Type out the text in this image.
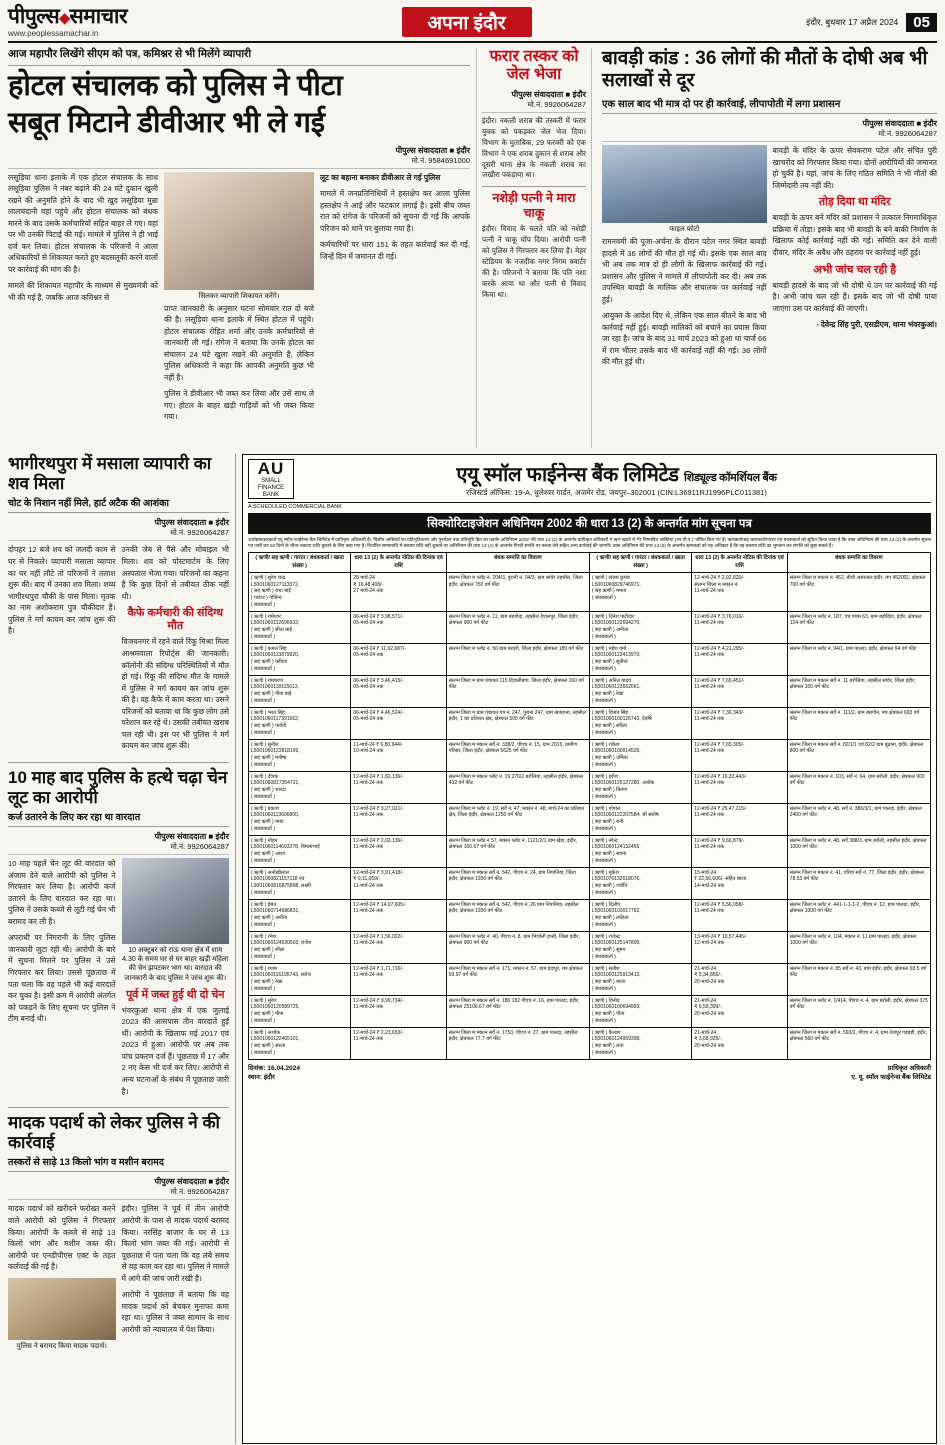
पीपुल्स◆समाचार
www.peoplessamachar.in	अपना इंदौर	इंदौर, बुधवार 17 अप्रैल 2024	05
आज महापौर लिखेंगे सीएम को पत्र, कमिश्नर से भी मिलेंगे व्यापारी
होटल संचालक को पुलिस ने पीटा
सबूत मिटाने डीवीआर भी ले गई
पीपुल्स संवाददाता ■ इंदौर
मो.नं. 9584691000

लसूड़िया थाना इलाके में एक होटल संचालक के साथ लसूड़िया पुलिस ने नंबर बढ़ाने की 24 घंटे दुकान खुली रखने की अनुमति होने के बाद भी खुद लसूड़िया मुन्ना लालचंदानी वहां पहुंचे और होटल संचालक को बंधक मारने के बाद उसके कर्मचारियों सहित बाहर ले गए। वहां पर भी उनकी पिटाई की गई। मामले में पुलिस ने ही भाई दर्ज कर लिया। होटल संचालक के परिजनों ने आला अधिकारियों से शिकायत करते हुए बदसलूकी करने वालों पर कार्रवाई की मांग की है।

मामले की शिकायत महापौर के माध्यम से मुख्यमंत्री को भी की गई है, जबकि आज कमिश्नर से	सिलकर व्यापारी शिकायत करेंगे।

प्राप्त जानकारी के अनुसार घटना सोमवार रात दो बजे की है। लसूड़िया थाना इलाके में स्थित होटल में पहुंचे। होटल संचालक रोहित शर्मा और उनके कर्मचारियों से जानकारी ली गई। रांगेज ने बताया कि उनके होटल का संचालन 24 घंटे खुला रखने की अनुमति है, लेकिन पुलिस अधिकारी ने कहा कि आपकी अनुमति कुछ भी नहीं है।

पुलिस ने डीवीआर भी जब्त कर लिया और उसे साथ ले गए। होटल के बाहर खड़ी गाड़ियों को भी जब्त किया गया।

लूट का बहाना बनाकर डीवीआर ले गई पुलिस

मामले में जनप्रतिनिधियों ने हस्तक्षेप कर आला पुलिस हस्तक्षेप ने आई और फटकार लगाई है। इसी बीच जब्त रात को रांगेज के परिजनों को सूचना दी गई कि आपके परिजन को थाने पर बुलाया गया है।

कर्मचारियों पर धारा 151 के तहत कार्रवाई कर दी गई, जिन्हें दिन में जमानत दी गई।

फरार तस्कर को जेल भेजा
पीपुल्स संवाददाता ■ इंदौर
मो.नं. 9926064287

इंदौर। नकली शराब की तस्करी में फरार युवक को पकड़कर जेल भेज दिया। विभाग के मुताबिक, 29 फरवरी को एक विभाग ने एक शराब दुकान से शराब और दूसरी थाना क्षेत्र के नकली शराब का जखीरा पकड़ाया था।

नशेड़ी पत्नी ने मारा चाकू

इंदौर। विवाद के चलते पति को नशेड़ी पत्नी ने चाकू घोंप दिया। आरोपी पत्नी को पुलिस ने गिरफ्तार कर लिया है। मेहर स्टेडियम के नजदीक नगर निगम क्वार्टर की है। परिजनों ने बताया कि पति नशा करके आया था और पत्नी से विवाद किया था।

बावड़ी कांड : 36 लोगों की मौतों के दोषी अब भी सलाखों से दूर
एक साल बाद भी मात्र दो पर ही कार्रवाई, लीपापोती में लगा प्रशासन
पीपुल्स संवाददाता ■ इंदौर
मो.नं. 9926064287
फाइल फोटो

रामनवमी की पूजा-अर्चना के दौरान पटेल नगर स्थित बावड़ी हादसे में 36 लोगों की मौत हो गई थी। इसके एक साल बाद भी अब तक मात्र दो ही लोगों के खिलाफ कार्रवाई की गई। प्रशासन और पुलिस ने मामले में लीपापोती कर दी। अब तक उपस्थित बावड़ी के मालिक और संचालक पर कार्रवाई नहीं हुई।

आयुक्त के आदेश दिए थे, लेकिन एक साल बीतने के बाद भी कार्रवाई नहीं हुई। बावड़ी मालिकों को बचाने का प्रयास किया जा रहा है। जांच के बाद 31 मार्च 2023 को हुआ था चार्ज 66 में राम भीतर उसके बाद भी कार्रवाई नहीं की गई। 36 लोगों की मौत हुई थी।

बावड़ी के मंदिर के ऊपर सेवकराम पटेल और संचित पुरी खाचरोद को गिरफ्तार किया गया। दोनों आरोपियों की जमानत हो चुकी है। यहां, जांच के लिए गठित समिति ने भी मौतों की जिम्मेदारी तय नहीं की।

तोड़ दिया था मंदिर

बावड़ी के ऊपर बने मंदिर को प्रशासन ने तत्काल निगमाधिकृत प्रक्रिया में तोड़ा। इसके बाद भी बावड़ी के बने बाकी निर्माण के खिलाफ कोई कार्रवाई नहीं की गई। समिति कर देने वाली दीवार, मंदिर के अवैध और ठहराव पर कार्रवाई नहीं हुई।

अभी जांच चल रही है

बावड़ी हादसे के बाद जो भी दोषी थे उन पर कार्रवाई की गई है। अभी जांच चल रही है। इसके बाद जो भी दोषी पाया जाएगा उस पर कार्रवाई की जाएगी।

- देवेन्द्र सिंह पुरी, एसडीएम, थाना भंवरकुआं।

भागीरथपुरा में मसाला व्यापारी का शव मिला
चोट के निशान नहीं मिले, हार्ट अटैक की आशंका
पीपुल्स संवाददाता ■ इंदौर
मो.नं. 9926064287

दोपहर 12 बजे शव को जलदी काम से घर से निकले। व्यापारी मसाला व्यापार का घर नहीं लौटे तो परिजनों ने तलाश शुरू की। बाद में उनका शव मिला। शव्य भागीरथपुरा चौकी के पास मिला। मृतक का नाम अशोकराम पुत्र चौकीदार है। पुलिस ने मर्ग कायम कर जांच शुरू की है।

उनकी जेब से पैसे और मोबाइल भी मिला। शव को पोस्टमार्टम के लिए अस्पताल भेजा गया। परिजनों का कहना है कि कुछ दिनों से तबीयत ठीक नहीं थी।

कैफे कर्मचारी की संदिग्ध मौत

विजयनगर में रहने वाले रिंकू मिश्रा मिला आश्रमवाला रिपोर्ट्स की जानकारी। कॉलोनी की संदिग्ध परिस्थितियों में मौत हो गई। रिंकू की संदिग्ध मौत के मामले में पुलिस ने मर्ग कायम कर जांच शुरू की है। वह कैफे में काम करता था। उसने परिजनों को बताया था कि कुछ लोग उसे परेशान कर रहे थे। उसकी तबीयत खराब चल रही थी। इस पर भी पुलिस ने मर्ग कायम कर जांच शुरू की।

10 माह बाद पुलिस के हत्थे चढ़ा चेन लूट का आरोपी
कर्ज उतारने के लिए कर रहा था वारदात
पीपुल्स संवाददाता ■ इंदौर
मो.नं. 9926064287

10 माह पहले चेन लूट की वारदात को अंजाम देने वाले आरोपी को पुलिस ने गिरफ्तार कर लिया है। आरोपी कर्ज उतारने के लिए वारदात कर रहा था। पुलिस ने उसके कब्जे से लूटी गई चेन भी बरामद कर ली है।

अपराधी पर निगरानी के लिए पुलिस जानकारी जुटा रही थी। आरोपी के बारे में सूचना मिलने पर पुलिस ने उसे गिरफ्तार कर लिया। उससे पूछताछ में पता चला कि वह पहले भी कई वारदातें कर चुका है। इसी क्रम में आरोपी अंतर्गत को पकड़ने के लिए सूचना पर पुलिस ने टीम बनाई थी।

10 अक्टूबर को राऊ थाना क्षेत्र में शाम 4.30 के समय घर से घर बाहर खड़ी महिला की चेन झपटकर भाग था। वारदात की जानकारी के बाद पुलिस ने जांच शुरू की।
पूर्व में जब्त हुई थी दो चेन

भंवरकुआं थाना क्षेत्र में एक जुलाई 2023 की आसपास तीन वारदातें हुईं थीं। आरोपी के खिलाफ मई 2017 एवं 2023 में हुआ। आरोपी पर अब तक पांच प्रकरण दर्ज हैं। पूछताछ में 17 और 2 नए केस भी दर्ज कर लिए। आरोपी से अन्य घटनाओं के संबंध में पूछताछ जारी है।

मादक पदार्थ को लेकर पुलिस ने की कार्रवाई
तस्करों से साढ़े 13 किलो भांग व मशीन बरामद
पीपुल्स संवाददाता ■ इंदौर
मो.नं. 9926064287

मादक पदार्थ को खरीदने फरोख्त करने वाले आरोपी को पुलिस ने गिरफ्तार किया। आरोपी के कब्जे से साढ़े 13 किलो भांग और मशीन जब्त की। आरोपी पर एनडीपीएस एक्ट के तहत कार्रवाई की गई है।

पुलिस ने बरामद किया मादक पदार्थ।

इंदौर। पुलिस ने पूर्व में तीन आरोपी आरोपी के पास से मादक पदार्थ बरामद किया। नरसिंह बाजार के घर से 13 किलो भांग जब्त की गई। आरोपी से पूछताछ में पता चला कि वह लंबे समय से यह काम कर रहा था। पुलिस ने मामले में आगे की जांच जारी रखी है।

आरोपी ने पूछताछ में बताया कि वह मादक पदार्थ को बेचकर मुनाफा कमा रहा था। पुलिस ने जब्त सामान के साथ आरोपी को न्यायालय में पेश किया।

AU
SMALL
FINANCE BANK
एयू स्मॉल फाईनेन्स बैंक लिमिटेड शिड्यूल्ड कॉमर्शियल बैंक
रजिस्टर्ड ऑफिस: 19-A, धुलेश्वर गार्डन, अजमेर रोड, जयपुर–302001 (CIN:L36911RJ1996PLC011381)
A SCHEDULED COMMERCIAL BANK
सिक्योरिटाइजेशन अधिनियम 2002 की धारा 13 (2) के अन्तर्गत मांग सूचना पत्र
अधोहस्ताक्षरकर्ता एयू स्मॉल फाईनेन्स बैंक लिमिटेड में प्राधिकृत अधिकारी है। 'वित्तीय आस्तियों का प्रतिभूतिकरण और पुनर्गठन तथा प्रतिभूति हित का प्रवर्तन अधिनियम 2002' की धारा 13 (2) के अन्तर्गत प्राधिकृत अधिकारी ने ऋण खातों में 'गैर निष्पादित आस्तियां (एन.पी.ए.)' घोषित किए गए हैं। ऋणकर्ता/सह ऋणकर्ता/गारंटर एवं बंधककर्ता को सूचित किया जाता है कि उक्त अधिनियम की धारा 13 (2) के अन्तर्गत सूचना पत्र जारी कर 60 दिनों के भीतर बकाया राशि चुकाने के लिए कहा गया है। निर्धारित समयावधि में बकाया राशि नहीं चुकाने पर अधिनियम की धारा 13 (4) के अन्तर्गत गिरवी संपत्ति पर कब्जा लेने सहित अन्य कार्रवाई की जाएगी। उक्त अधिनियम की धारा 13 (8) के अन्तर्गत ऋणकर्ता को यह अधिकार है कि वह बकाया राशि का भुगतान कर संपत्ति को छुड़ा सकते हैं।
( ऋणी/ सह ऋणी / गारंटर / बंधककर्ता / खाता संख्या )	धारा 13 (2) के अन्तर्गत नोटिस की दिनांक एवं राशि	बंधक सम्पत्ति का विवरण	( ऋणी/ सह ऋणी / गारंटर / बंधककर्ता / खाता संख्या )	धारा 13 (2) के अन्तर्गत नोटिस की दिनांक एवं राशि	बंधक सम्पत्ति का विवरण

( ऋणी ) सुरेश चन्द्र
L5001060127113372,
( सह ऋणी ) राधा बाई
( गारंटर ) गोविन्द
( बंधककर्ता )	28 मार्च-24
₹ 16,48,408/-
27 मार्च-24 तक	संलग्न जिला म प्लॉट नं. 204/3, पुरानी नं. 04/3, ग्राम सांवेर तहसील, जिला इंदौर, क्षेत्रफल 750 वर्ग फीट	( ऋणी ) संजय कुमार
L5001060829746971,
( सह ऋणी ) ममता
( बंधककर्ता )	12-मार्च-24 ₹ 2,92,820/-
संलग्न जिला म मकान नं.
11-मार्च-24 तक	संलग्न जिला म मकान नं. 452, बीची अस्पताल इंदौर, मप 452001, क्षेत्रफल 700 वर्ग फीट

( ऋणी ) रामेश्वर
L5001060112696933,
( सह ऋणी ) सीता बाई
( बंधककर्ता )	06-मार्च-24 ₹ 3,98,571/-
05-मार्च-24 तक	संलग्न जिला म प्लॉट नं. 11, ग्राम बड़गोंदा, तहसील देपालपुर, जिला इंदौर, क्षेत्रफल 900 वर्ग फीट	( ऋणी ) दिनेश पाटीदार
L5001060122694270,
( सह ऋणी ) अनीता
( बंधककर्ता )	12-मार्च-24 ₹ 3,76,016/-
11-मार्च-24 तक	संलग्न जिला म प्लॉट नं. 187, एच पंचम 63, ग्राम बड़ोदिया, इंदौर, क्षेत्रफल 124 वर्ग फीट

( ऋणी ) कमल सिंह
L5001060113879920,
( सह ऋणी ) कविता
( बंधककर्ता )	06-मार्च-24 ₹ 11,92,687/-
05-मार्च-24 तक	संलग्न जिला म प्लॉट नं. 56 ग्राम बरदरी, जिला इंदौर, क्षेत्रफल 189 वर्ग फीट	( ऋणी ) महेश वर्मा
L5001060123413970,
( सह ऋणी ) सुनीता
( बंधककर्ता )	12-मार्च-24 ₹ 4,21,295/-
11-मार्च-24 तक	संलग्न जिला म प्लॉट नं. 94/1, ग्राम पालदा, इंदौर, क्षेत्रफल 94 वर्ग फीट

( ऋणी ) रामचरण
L5001060118115613,
( सह ऋणी ) गीता बाई
( बंधककर्ता )	06-मार्च-24 ₹ 3,46,415/-
05-मार्च-24 तक	संलग्न जिला म ग्राम पंचायत 115 दिवालीबाग, जिला इंदौर, क्षेत्रफल 160 वर्ग फीट	( ऋणी ) अनिल यादव
L5001060123652661,
( सह ऋणी ) रेखा
( बंधककर्ता )	12-मार्च-24 ₹ 7,65,451/-
11-मार्च-24 तक	संलग्न जिला म मकान सर्वे नं. 11 बरोलिया, तहसील सांवेर, जिला इंदौर, क्षेत्रफल 100 वर्ग फीट

( ऋणी ) भरत सिंह
L5001060117391562,
( सह ऋणी ) पार्वती
( बंधककर्ता )	06-मार्च-24 ₹ 4,46,524/-
05-मार्च-24 तक	संलग्न जिला म ग्राम पंचायत पत्र नं. 247, पुराना 247, ग्राम खजराना, तहसील इंदौर, 1 का प्रतिशत क्षेत्र, क्षेत्रफल 500 वर्ग फीट	( ऋणी ) विजय सिंह
L5001060100126743, देवर्षि
( सह ऋणी ) सरिता
( बंधककर्ता )	12-मार्च-24 ₹ 7,36,343/-
11-मार्च-24 तक	संलग्न जिला म मकान सर्वे नं. 111/2, ग्राम खरगोन, मप क्षेत्रफल 693 वर्ग फीट

( ऋणी ) सुनील
L5001060123818199,
( सह ऋणी ) मनीषा
( बंधककर्ता )	11-मार्च-24 ₹ 6,80,944/-
10-मार्च-24 तक	संलग्न जिला म मकान सर्वे नं. 338/2, पीएच नं. 15, ग्राम 2015, ग्रामीण परिसर, जिला इंदौर, क्षेत्रफल 5625 वर्ग फीट	( ऋणी ) राकेश
L9001060100914526,
( सह ऋणी ) उर्मिला
( बंधककर्ता )	12-मार्च-24 ₹ 7,65,305/-
11-मार्च-24 तक	संलग्न जिला म मकान सर्वे नं. 82/1/1 एवं 82/2 ग्राम बुढाना, इंदौर, क्षेत्रफल 800 वर्ग फीट

( ऋणी ) दीपक
L5001060817354721,
( सह ऋणी ) शारदा
( बंधककर्ता )	12-मार्च-24 ₹ 1,82,136/-
11-मार्च-24 तक	संलग्न जिला म मकान प्लॉट नं. 19 276/2 बरोलिया, तहसील इंदौर, क्षेत्रफल 432 वर्ग फीट	( ऋणी ) हरीश
L5001060125127280, अशोक
( सह ऋणी ) किरण
( बंधककर्ता )	12-मार्च-24 ₹ 16,33,443/-
11-मार्च-24 तक	संलग्न जिला म मकान नं. 103, सर्वे नं. 64, ग्राम बरोली, इंदौर, क्षेत्रफल 900 वर्ग फीट

( ऋणी ) प्रकाश
L5001060113606800,
( सह ऋणी ) माया
( बंधककर्ता )	12-मार्च-24 ₹ 3,27,021/-
11-मार्च-24 तक	संलग्न जिला म प्लॉट नं. 19, सर्वे नं. 47, मकान नं. 48, मार्च-24 का प्रतिशत क्षेत्र, जिला इंदौर, क्षेत्रफल 1250 वर्ग फीट	( ऋणी ) गोपाल
L5001060122207584, श्री संतोष
( सह ऋणी ) रानी
( बंधककर्ता )	12-मार्च-24 ₹ 25,47,215/-
11-मार्च-24 तक	संलग्न जिला म प्लॉट नं. 48, सर्वे नं. 386/3/1, ग्राम पालदा, इंदौर, क्षेत्रफल 2400 वर्ग फीट

( ऋणी ) मोहन
L5001060114693278, विमलाभाई
( सह ऋणी ) आशा
( बंधककर्ता )	12-मार्च-24 ₹ 2,02,136/-
11-मार्च-24 तक	संलग्न जिला म प्लॉट नं 57, मकान प्लॉट नं. 1121/2/1 ग्राम खेड़ा, इंदौर, क्षेत्रफल 166.67 वर्ग फीट	( ऋणी ) नरेन्द्र
L5001060124132456,
( सह ऋणी ) सपना
( बंधककर्ता )	12-मार्च-24 ₹ 9,66,879/-
11-मार्च-24 तक	संलग्न जिला म प्लॉट नं. 48, सर्वे 388/3, ग्राम बरोली, तहसील इंदौर, क्षेत्रफल 1000 वर्ग फीट

( ऋणी ) अनोखीलाल
L9001060821157118 एवं
L9001060816875898, लक्ष्मी
( बंधककर्ता )	12-मार्च-24 ₹ 3,91,418/-
₹ 9,11,059/-
11-मार्च-24 तक	संलग्न जिला म मकान सर्वे नं. 542, पीएच नं. 24, ग्राम निपानिया, जिला इंदौर, क्षेत्रफल 1200 वर्ग फीट	( ऋणी ) मुकेश
L5001070132018076,
( सह ऋणी ) ज्योति
( बंधककर्ता )	15-मार्च-24
₹ 22,66,606/- सहित ब्याज
14-मार्च-24 तक	संलग्न जिला म मकान नं. 41, एरिया सर्वे नं. 77, जिला इंदौर, इंदौर, क्षेत्रफल 78.53 वर्ग फीट

( ऋणी ) हेमंत
L5001060714686831,
( सह ऋणी ) अनीता
( बंधककर्ता )	12-मार्च-24 ₹ 14,97,605/-
11-मार्च-24 तक	संलग्न जिला म मकान सर्वे नं. 542, पीएच नं. 26 ग्राम निपानिया, तहसील इंदौर, क्षेत्रफल 1200 वर्ग फीट	( ऋणी ) दिलीप
L5001060103017762,
( सह ऋणी ) ललिता
( बंधककर्ता )	12-मार्च-24 ₹ 5,56,058/-
11-मार्च-24 तक	संलग्न जिला म प्लॉट नं. 441-1-1-1-2, पीएच नं. 12, ग्राम पालदा, इंदौर, क्षेत्रफल 1000 वर्ग फीट

( ऋणी ) रमेश
L5001060124530503, राजेश
( सह ऋणी ) शीला
( बंधककर्ता )	12-मार्च-24 ₹ 1,56,022/-
11-मार्च-24 तक	संलग्न जिला म प्लॉट नं. 40, पीएच नं. 8, ग्राम भिचोली हप्सी, जिला इंदौर, क्षेत्रफल 900 वर्ग फीट	( ऋणी ) राजेन्द्र
L5001060125147899,
( सह ऋणी ) सुमन
( बंधककर्ता )	13-मार्च-24 ₹ 10,57,445/-
12-मार्च-24 तक	संलग्न जिला म प्लॉट नं. 104, मकान नं. 11 ग्राम पालदा, इंदौर, क्षेत्रफल 1000 वर्ग फीट

( ऋणी ) श्याम
L5001060116195743, सरोज
( सह ऋणी ) रेखा
( बंधककर्ता )	12-मार्च-24 ₹ 1,71,716/-
11-मार्च-24 तक	संलग्न जिला म मकान सर्वे नं. 171, मकान नं. 57, ग्राम इंदापुर, मप क्षेत्रफल 59.97 वर्ग फीट	( ऋणी ) सतीश
L5001060125913413,
( सह ऋणी ) माला
( बंधककर्ता )	21-मार्च-24
₹ 5,34,856/-
20-मार्च-24 तक	संलग्न जिला म मकान नं. 85 सर्वे नं. 43, ग्राम इंदौर, इंदौर, क्षेत्रफल 93.5 वर्ग फीट

( ऋणी ) सुरेश
L5001060120589725,
( सह ऋणी ) मीना
( बंधककर्ता )	12-मार्च-24 ₹ 9,99,734/-
11-मार्च-24 तक	संलग्न जिला म मकान सर्वे नं. 180 182 पीएच नं. 16, ग्राम पालदा, इंदौर, क्षेत्रफल 25106.67 वर्ग फीट	( ऋणी ) विनोद
L5001060100694993,
( सह ऋणी ) गीता
( बंधककर्ता )	21-मार्च-24
₹ 6,59,399/-
20-मार्च-24 तक	संलग्न जिला म प्लॉट नं. 1/414, पीएच नं. 4, ग्राम बरोली, इंदौर, क्षेत्रफल 375 वर्ग फीट

( ऋणी ) अशोक
L5001060122465101,
( सह ऋणी ) सरला
( बंधककर्ता )	12-मार्च-24 ₹ 2,23,653/-
11-मार्च-24 तक	संलग्न जिला म मकान सर्वे नं. 1753, पीएच नं. 27, ग्राम पालदा, तहसील इंदौर, क्षेत्रफल 77.7 वर्ग फीट	( ऋणी ) कैलाश
L5001060124959398,
( सह ऋणी ) लता
( बंधककर्ता )	21-मार्च-24
₹ 3,68,925/-
20-मार्च-24 तक	संलग्न जिला म मकान सर्वे नं. 593/2, पीएच नं. 4, ग्राम तेजपुर गड़बड़ी, इंदौर, क्षेत्रफल 560 वर्ग फीट
दिनांक: 16.04.2024
स्थान: इंदौर
प्राधिकृत अधिकारी
ए. यू. स्मॉल फाईनेन्स बैंक लिमिटेड
